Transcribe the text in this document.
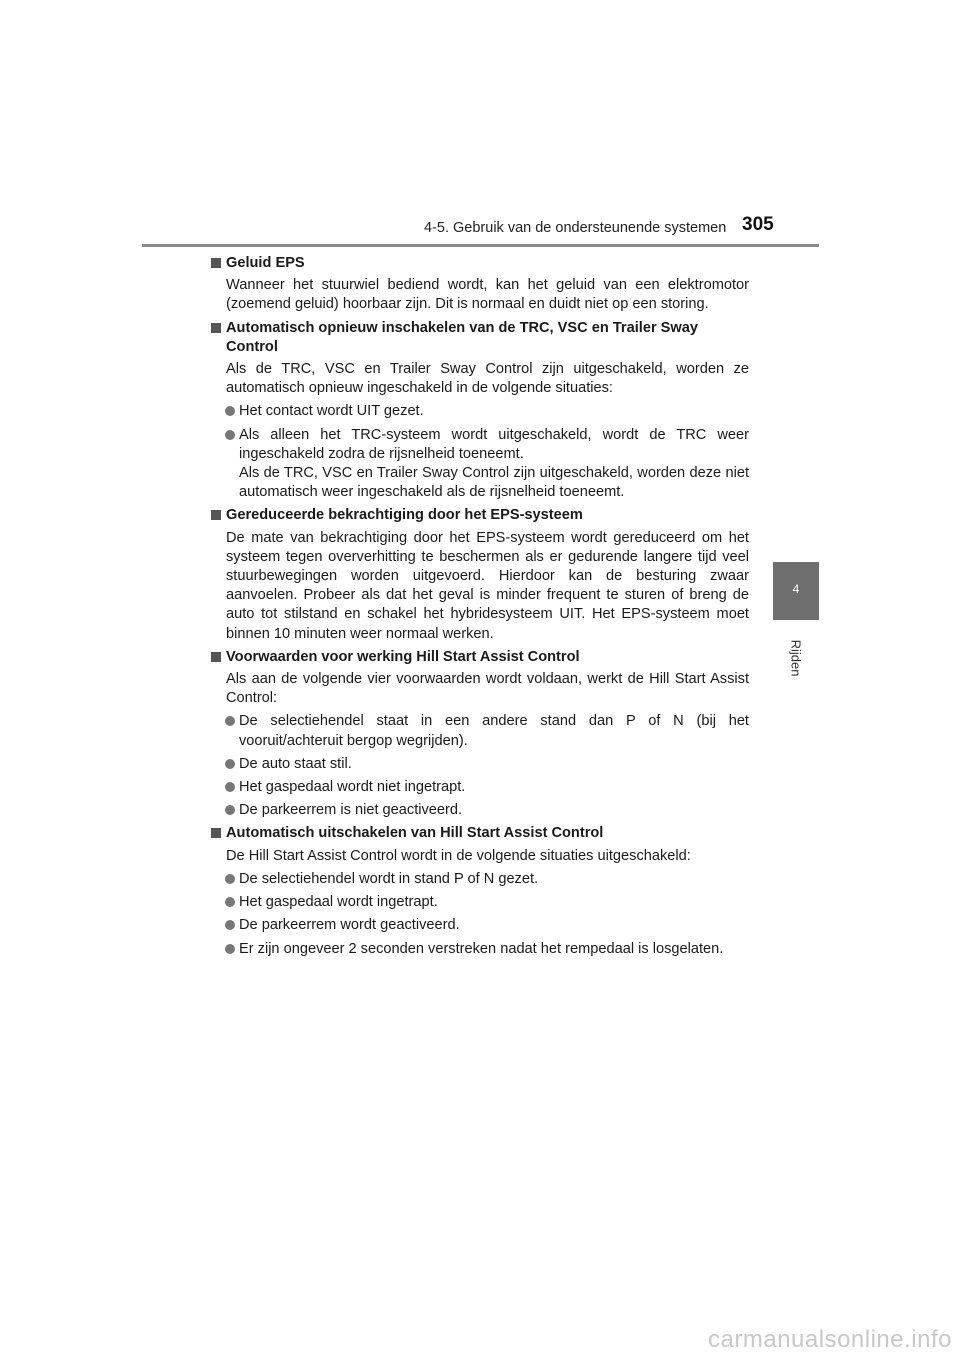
4-5. Gebruik van de ondersteunende systemen 305
4
Rijden
Geluid EPS
Wanneer het stuurwiel bediend wordt, kan het geluid van een elektromotor (zoemend geluid) hoorbaar zijn. Dit is normaal en duidt niet op een storing.
Automatisch opnieuw inschakelen van de TRC, VSC en Trailer Sway Control
Als de TRC, VSC en Trailer Sway Control zijn uitgeschakeld, worden ze automatisch opnieuw ingeschakeld in de volgende situaties:
Het contact wordt UIT gezet.
Als alleen het TRC-systeem wordt uitgeschakeld, wordt de TRC weer ingeschakeld zodra de rijsnelheid toeneemt.
Als de TRC, VSC en Trailer Sway Control zijn uitgeschakeld, worden deze niet automatisch weer ingeschakeld als de rijsnelheid toeneemt.
Gereduceerde bekrachtiging door het EPS-systeem
De mate van bekrachtiging door het EPS-systeem wordt gereduceerd om het systeem tegen oververhitting te beschermen als er gedurende langere tijd veel stuurbewegingen worden uitgevoerd. Hierdoor kan de besturing zwaar aanvoelen. Probeer als dat het geval is minder frequent te sturen of breng de auto tot stilstand en schakel het hybridesysteem UIT. Het EPS-systeem moet binnen 10 minuten weer normaal werken.
Voorwaarden voor werking Hill Start Assist Control
Als aan de volgende vier voorwaarden wordt voldaan, werkt de Hill Start Assist Control:
De selectiehendel staat in een andere stand dan P of N (bij het vooruit/achteruit bergop wegrijden).
De auto staat stil.
Het gaspedaal wordt niet ingetrapt.
De parkeerrem is niet geactiveerd.
Automatisch uitschakelen van Hill Start Assist Control
De Hill Start Assist Control wordt in de volgende situaties uitgeschakeld:
De selectiehendel wordt in stand P of N gezet.
Het gaspedaal wordt ingetrapt.
De parkeerrem wordt geactiveerd.
Er zijn ongeveer 2 seconden verstreken nadat het rempedaal is losgelaten.
carmanualsonline.info
